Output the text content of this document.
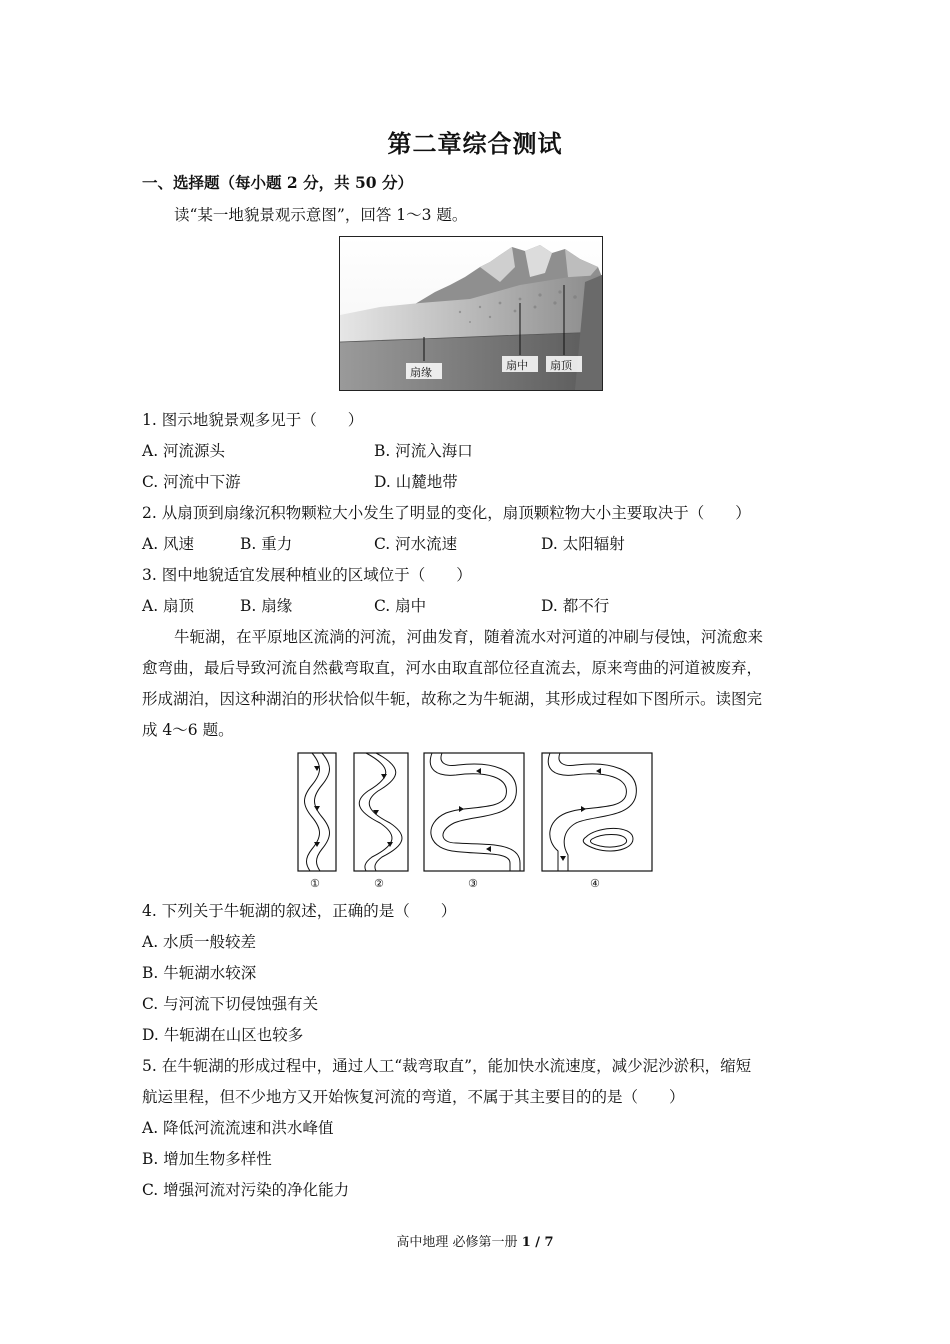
第二章综合测试
一、选择题（每小题 2 分，共 50 分）
读“某一地貌景观示意图”，回答 1～3 题。
扇缘
扇中 扇顶
1. 图示地貌景观多见于（　　）
A. 河流源头	B. 河流入海口
C. 河流中下游	D. 山麓地带
2. 从扇顶到扇缘沉积物颗粒大小发生了明显的变化，扇顶颗粒物大小主要取决于（　　）
A. 风速	B. 重力	C. 河水流速	D. 太阳辐射
3. 图中地貌适宜发展种植业的区域位于（　　）
A. 扇顶	B. 扇缘	C. 扇中	D. 都不行
牛轭湖，在平原地区流淌的河流，河曲发育，随着流水对河道的冲刷与侵蚀，河流愈来
愈弯曲，最后导致河流自然截弯取直，河水由取直部位径直流去，原来弯曲的河道被废弃，
形成湖泊，因这种湖泊的形状恰似牛轭，故称之为牛轭湖，其形成过程如下图所示。读图完
成 4～6 题。
①	②	③	④
4. 下列关于牛轭湖的叙述，正确的是（　　）
A. 水质一般较差
B. 牛轭湖水较深
C. 与河流下切侵蚀强有关
D. 牛轭湖在山区也较多
5. 在牛轭湖的形成过程中，通过人工“裁弯取直”，能加快水流速度，减少泥沙淤积，缩短
航运里程，但不少地方又开始恢复河流的弯道，不属于其主要目的的是（　　）
A. 降低河流流速和洪水峰值
B. 增加生物多样性
C. 增强河流对污染的净化能力
高中地理 必修第一册 1 / 7
